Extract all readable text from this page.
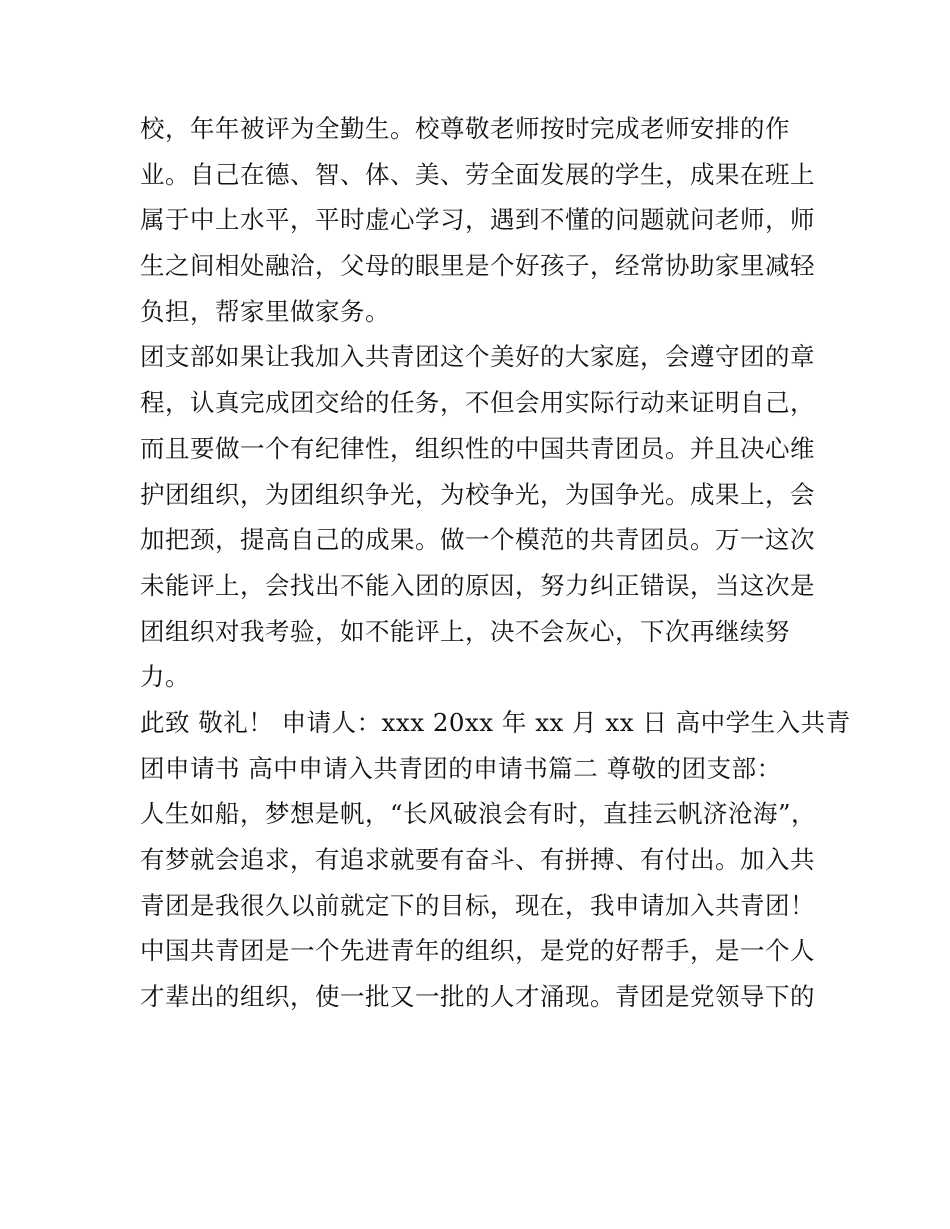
校，年年被评为全勤生。校尊敬老师按时完成老师安排的作
业。自己在德、智、体、美、劳全面发展的学生，成果在班上
属于中上水平，平时虚心学习，遇到不懂的问题就问老师，师
生之间相处融洽，父母的眼里是个好孩子，经常协助家里减轻
负担，帮家里做家务。
团支部如果让我加入共青团这个美好的大家庭，会遵守团的章
程，认真完成团交给的任务，不但会用实际行动来证明自己，
而且要做一个有纪律性，组织性的中国共青团员。并且决心维
护团组织，为团组织争光，为校争光，为国争光。成果上，会
加把颈，提高自己的成果。做一个模范的共青团员。万一这次
未能评上，会找出不能入团的原因，努力纠正错误，当这次是
团组织对我考验，如不能评上，决不会灰心，下次再继续努
力。
此致 敬礼！ 申请人：xxx 20xx 年 xx 月 xx 日 高中学生入共青
团申请书 高中申请入共青团的申请书篇二 尊敬的团支部：
人生如船，梦想是帆，“长风破浪会有时，直挂云帆济沧海”，
有梦就会追求，有追求就要有奋斗、有拼搏、有付出。加入共
青团是我很久以前就定下的目标，现在，我申请加入共青团！
中国共青团是一个先进青年的组织，是党的好帮手，是一个人
才辈出的组织，使一批又一批的人才涌现。青团是党领导下的
